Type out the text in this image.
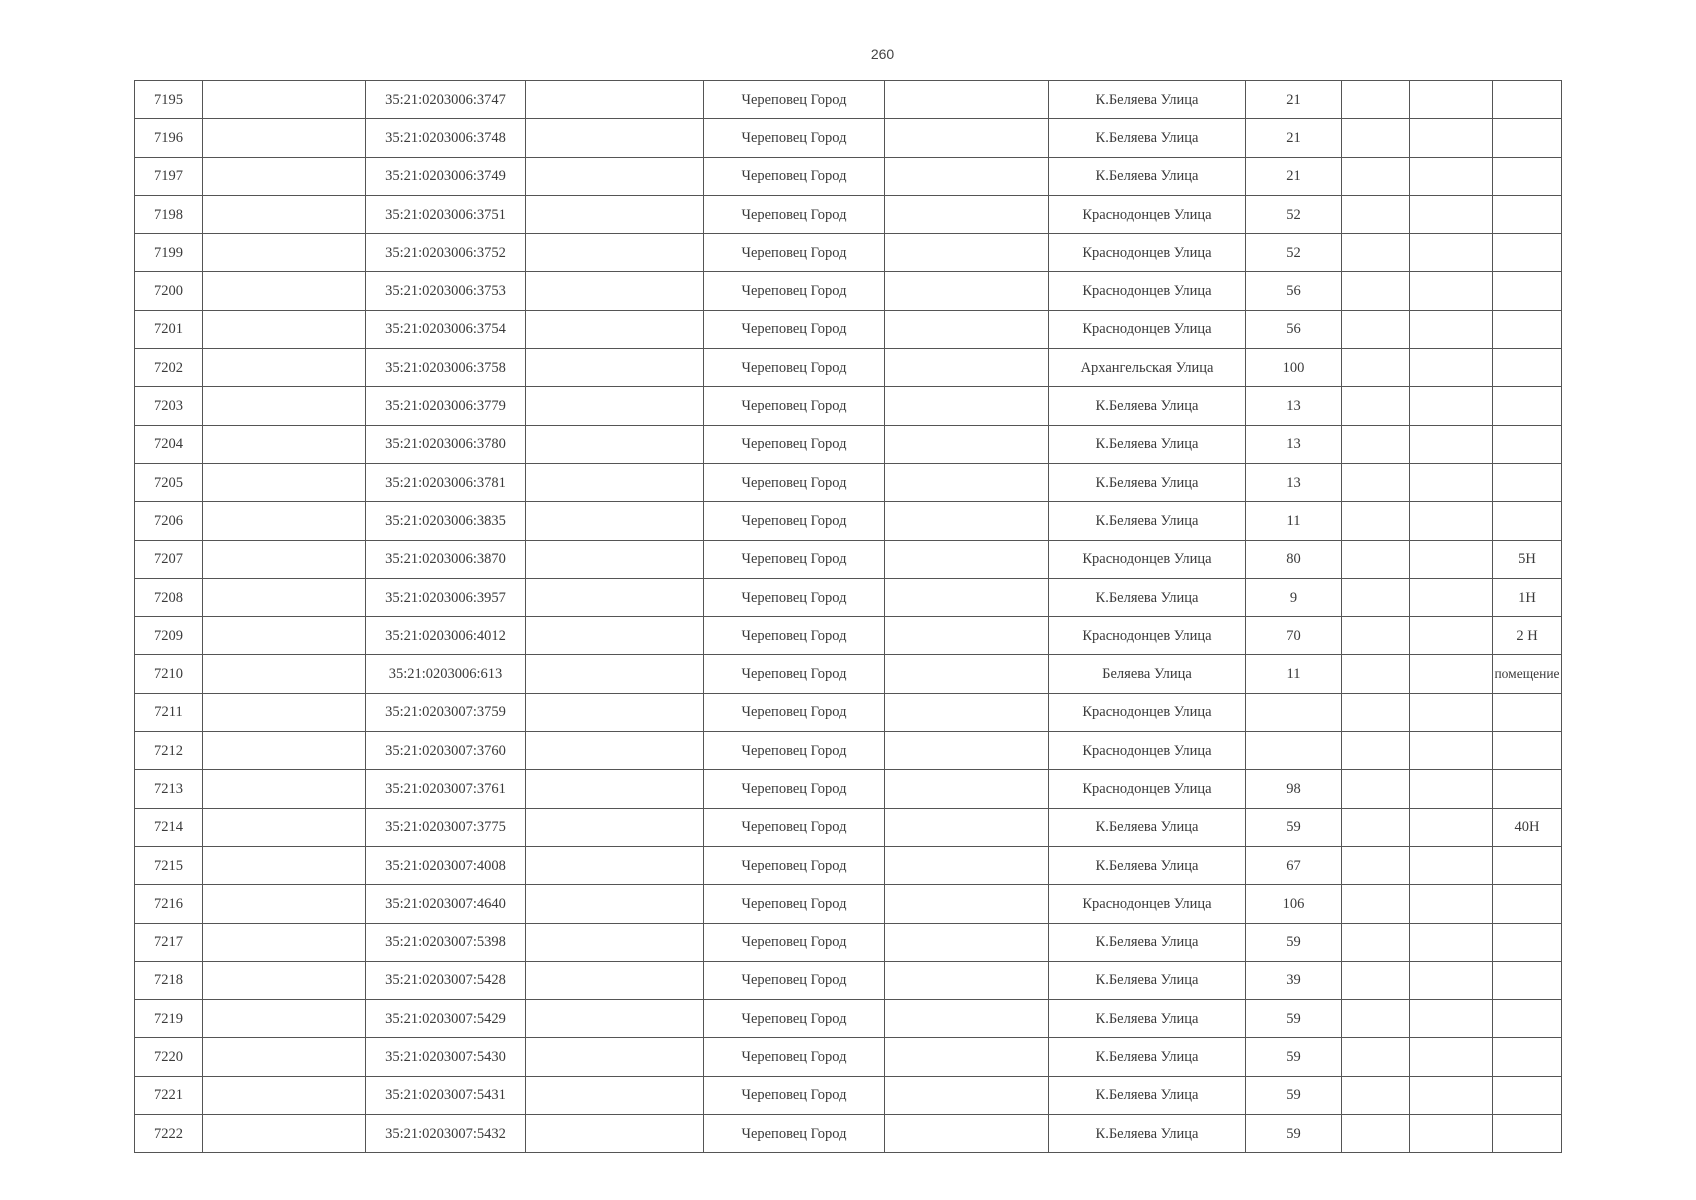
260
7195		35:21:0203006:3747		Череповец Город		К.Беляева Улица	21			
7196		35:21:0203006:3748		Череповец Город		К.Беляева Улица	21			
7197		35:21:0203006:3749		Череповец Город		К.Беляева Улица	21			
7198		35:21:0203006:3751		Череповец Город		Краснодонцев Улица	52			
7199		35:21:0203006:3752		Череповец Город		Краснодонцев Улица	52			
7200		35:21:0203006:3753		Череповец Город		Краснодонцев Улица	56			
7201		35:21:0203006:3754		Череповец Город		Краснодонцев Улица	56			
7202		35:21:0203006:3758		Череповец Город		Архангельская Улица	100			
7203		35:21:0203006:3779		Череповец Город		К.Беляева Улица	13			
7204		35:21:0203006:3780		Череповец Город		К.Беляева Улица	13			
7205		35:21:0203006:3781		Череповец Город		К.Беляева Улица	13			
7206		35:21:0203006:3835		Череповец Город		К.Беляева Улица	11			
7207		35:21:0203006:3870		Череповец Город		Краснодонцев Улица	80			5Н
7208		35:21:0203006:3957		Череповец Город		К.Беляева Улица	9			1Н
7209		35:21:0203006:4012		Череповец Город		Краснодонцев Улица	70			2 Н
7210		35:21:0203006:613		Череповец Город		Беляева Улица	11			помещение
7211		35:21:0203007:3759		Череповец Город		Краснодонцев Улица				
7212		35:21:0203007:3760		Череповец Город		Краснодонцев Улица				
7213		35:21:0203007:3761		Череповец Город		Краснодонцев Улица	98			
7214		35:21:0203007:3775		Череповец Город		К.Беляева Улица	59			40Н
7215		35:21:0203007:4008		Череповец Город		К.Беляева Улица	67			
7216		35:21:0203007:4640		Череповец Город		Краснодонцев Улица	106			
7217		35:21:0203007:5398		Череповец Город		К.Беляева Улица	59			
7218		35:21:0203007:5428		Череповец Город		К.Беляева Улица	39			
7219		35:21:0203007:5429		Череповец Город		К.Беляева Улица	59			
7220		35:21:0203007:5430		Череповец Город		К.Беляева Улица	59			
7221		35:21:0203007:5431		Череповец Город		К.Беляева Улица	59			
7222		35:21:0203007:5432		Череповец Город		К.Беляева Улица	59			
